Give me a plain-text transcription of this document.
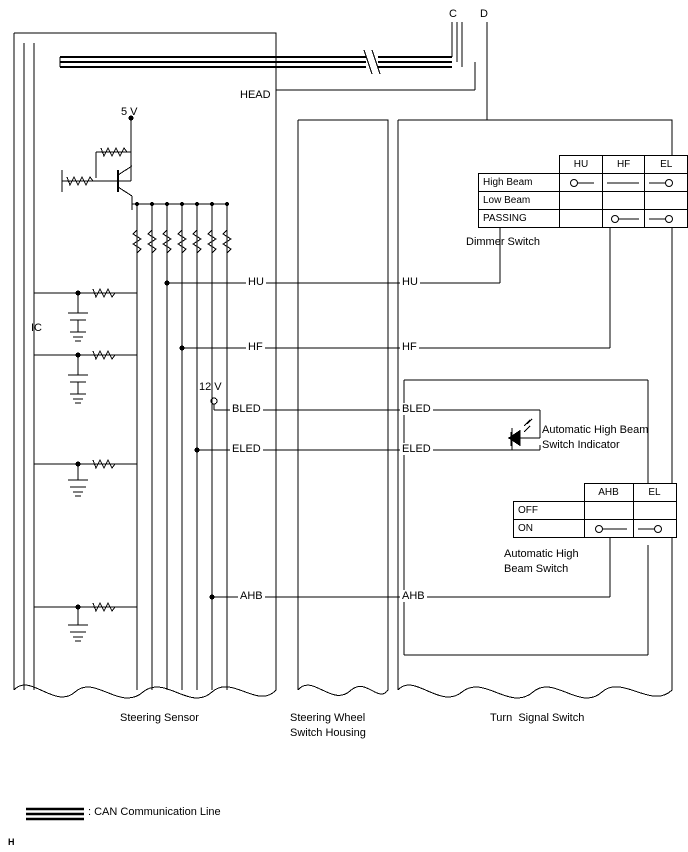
C D
HEAD
5 V
12 V
IC
HU
HF
BLED
ELED
AHB
HU
HF
BLED
ELED
AHB
	HU	HF	EL
High Beam	

Low Beam			
PASSING		

Dimmer Switch
	AHB	EL
OFF		
ON	

Automatic High
Beam Switch
Automatic High Beam
Switch Indicator
Steering Sensor	Steering Wheel
Switch Housing
Turn  Signal Switch
: CAN Communication Line
H
